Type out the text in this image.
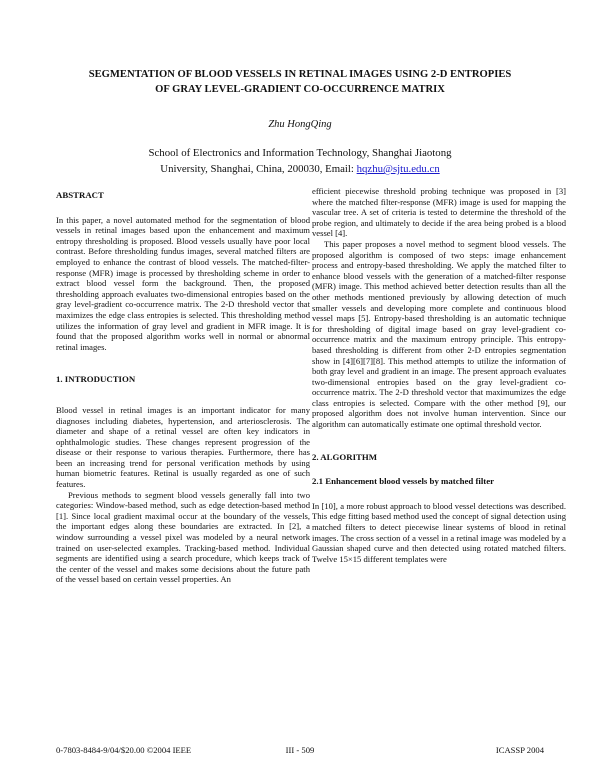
SEGMENTATION OF BLOOD VESSELS IN RETINAL IMAGES USING 2-D ENTROPIES
OF GRAY LEVEL-GRADIENT CO-OCCURRENCE MATRIX
Zhu HongQing
School of Electronics and Information Technology, Shanghai Jiaotong
University, Shanghai, China, 200030, Email: hqzhu@sjtu.edu.cn

ABSTRACT

In this paper, a novel automated method for the segmentation of blood vessels in retinal images based upon the enhancement and maximum entropy thresholding is proposed. Blood vessels usually have poor local contrast. Before thresholding fundus images, several matched filters are employed to enhance the contrast of blood vessels. The matched-filter-response (MFR) image is processed by thresholding scheme in order to extract blood vessel form the background. Then, the proposed thresholding approach evaluates two-dimensional entropies based on the gray level-gradient co-occurrence matrix. The 2-D threshold vector that maximizes the edge class entropies is selected. This thresholding method utilizes the information of gray level and gradient in MFR image. It is found that the proposed algorithm works well in normal or abnormal retinal images.

1. INTRODUCTION

Blood vessel in retinal images is an important indicator for many diagnoses including diabetes, hypertension, and arteriosclerosis. The diameter and shape of a retinal vessel are often key indicators in ophthalmologic studies. These changes represent progression of the disease or their response to various therapies. Furthermore, there has been an increasing trend for personal verification methods by using human biometric features. Retinal is usually regarded as one of such features.

Previous methods to segment blood vessels generally fall into two categories: Window-based method, such as edge detection-based method [1]. Since local gradient maximal occur at the boundary of the vessels, the important edges along these boundaries are extracted. In [2], a window surrounding a vessel pixel was modeled by a neural network trained on user-selected examples. Tracking-based method. Individual segments are identified using a search procedure, which keeps track of the center of the vessel and makes some decisions about the future path of the vessel based on certain vessel properties. An

efficient piecewise threshold probing technique was proposed in [3] where the matched filter-response (MFR) image is used for mapping the vascular tree. A set of criteria is tested to determine the threshold of the probe region, and ultimately to decide if the area being probed is a blood vessel [4].

This paper proposes a novel method to segment blood vessels. The proposed algorithm is composed of two steps: image enhancement process and entropy-based thresholding. We apply the matched filter to enhance blood vessels with the generation of a matched-filter response (MFR) image. This method achieved better detection results than all the other methods mentioned previously by allowing detection of much smaller vessels and developing more complete and continuous blood vessel maps [5]. Entropy-based thresholding is an automatic technique for thresholding of digital image based on gray level-gradient co-occurrence matrix and the maximum entropy principle. This entropy-based thresholding is different from other 2-D entropies segmentation show in [4][6][7][8]. This method attempts to utilize the information of both gray level and gradient in an image. The present approach evaluates two-dimensional entropies based on the gray level-gradient co-occurrence matrix. The 2-D threshold vector that maximumizes the edge class entropies is selected. Compare with the other method [9], our proposed algorithm does not involve human intervention. Since our algorithm can automatically estimate one optimal threshold vector.

2. ALGORITHM

2.1 Enhancement blood vessels by matched filter

In [10], a more robust approach to blood vessel detections was described. This edge fitting based method used the concept of signal detection using matched filters to detect piecewise linear systems of blood in retinal images. The cross section of a vessel in a retinal image was modeled by a Gaussian shaped curve and then detected using rotated matched filters. Twelve 15×15 different templates were

0-7803-8484-9/04/$20.00 ©2004 IEEE	III - 509	ICASSP 2004
